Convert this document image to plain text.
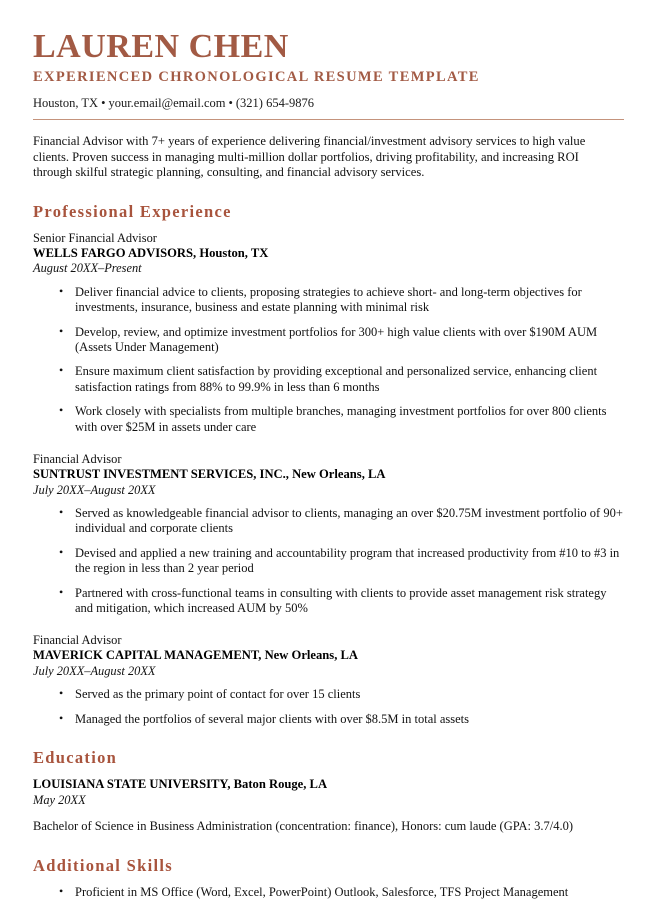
LAUREN CHEN
EXPERIENCED CHRONOLOGICAL RESUME TEMPLATE
Houston, TX • your.email@email.com • (321) 654-9876

Financial Advisor with 7+ years of experience delivering financial/investment advisory services to high value clients. Proven success in managing multi-million dollar portfolios, driving profitability, and increasing ROI through skilful strategic planning, consulting, and financial advisory services.

Professional Experience
Senior Financial Advisor
WELLS FARGO ADVISORS, Houston, TX
August 20XX–Present
• Deliver financial advice to clients, proposing strategies to achieve short- and long-term objectives for investments, insurance, business and estate planning with minimal risk
• Develop, review, and optimize investment portfolios for 300+ high value clients with over $190M AUM (Assets Under Management)
• Ensure maximum client satisfaction by providing exceptional and personalized service, enhancing client satisfaction ratings from 88% to 99.9% in less than 6 months
• Work closely with specialists from multiple branches, managing investment portfolios for over 800 clients with over $25M in assets under care
Financial Advisor
SUNTRUST INVESTMENT SERVICES, INC., New Orleans, LA
July 20XX–August 20XX
• Served as knowledgeable financial advisor to clients, managing an over $20.75M investment portfolio of 90+ individual and corporate clients
• Devised and applied a new training and accountability program that increased productivity from #10 to #3 in the region in less than 2 year period
• Partnered with cross-functional teams in consulting with clients to provide asset management risk strategy and mitigation, which increased AUM by 50%
Financial Advisor
MAVERICK CAPITAL MANAGEMENT, New Orleans, LA
July 20XX–August 20XX
• Served as the primary point of contact for over 15 clients
• Managed the portfolios of several major clients with over $8.5M in total assets
Education
LOUISIANA STATE UNIVERSITY, Baton Rouge, LA
May 20XX
Bachelor of Science in Business Administration (concentration: finance), Honors: cum laude (GPA: 3.7/4.0)
Additional Skills
• Proficient in MS Office (Word, Excel, PowerPoint) Outlook, Salesforce, TFS Project Management
